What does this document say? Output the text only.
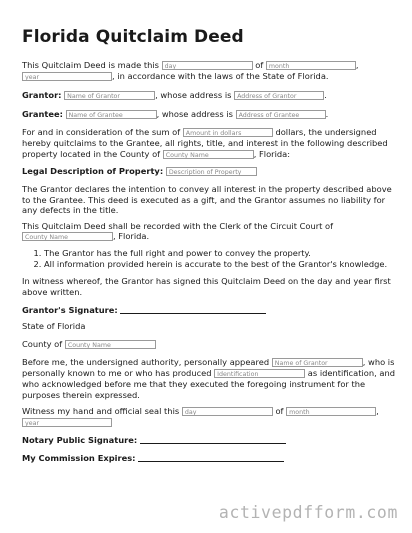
Florida Quitclaim Deed
This Quitclaim Deed is made this day	of month	,
year	, in accordance with the laws of the State of Florida.
Grantor: Name of Grantor	, whose address is Address of Grantor	.
Grantee: Name of Grantee	, whose address is Address of Grantee	.
For and in consideration of the sum of Amount in dollars	dollars, the undersigned
hereby quitclaims to the Grantee, all rights, title, and interest in the following described
property located in the County of County Name	, Florida:
Legal Description of Property: Description of Property
The Grantor declares the intention to convey all interest in the property described above to the Grantee. This deed is executed as a gift, and the Grantor assumes no liability for any defects in the title.
This Quitclaim Deed shall be recorded with the Clerk of the Circuit Court of
County Name	, Florida.
1. The Grantor has the full right and power to convey the property.
2. All information provided herein is accurate to the best of the Grantor's knowledge.
In witness whereof, the Grantor has signed this Quitclaim Deed on the day and year first above written.
Grantor's Signature:
State of Florida
County of County Name
Before me, the undersigned authority, personally appeared Name of Grantor	, who is
personally known to me or who has produced Identification	as identification, and
who acknowledged before me that they executed the foregoing instrument for the
purposes therein expressed.
Witness my hand and official seal this day	of month	,
year
Notary Public Signature:
My Commission Expires:
activepdfform.com
